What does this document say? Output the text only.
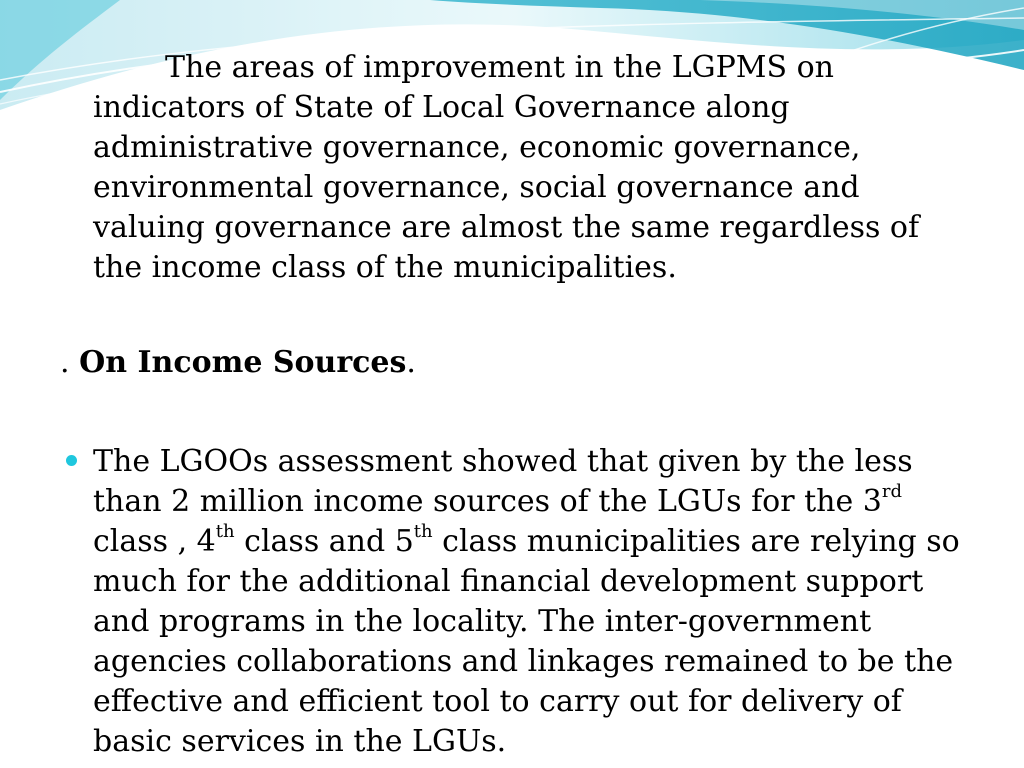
The areas of improvement in the LGPMS on indicators of State of Local Governance along administrative governance, economic governance, environmental governance, social governance and valuing governance are almost the same regardless of the income class of the municipalities.

. On Income Sources.

The LGOOs assessment showed that given by the less than 2 million income sources of the LGUs for the 3rd class , 4th class and 5th class municipalities are relying so much for the additional financial development support and programs in the locality. The inter-government agencies collaborations and linkages remained to be the effective and efficient tool to carry out for delivery of basic services in the LGUs.
